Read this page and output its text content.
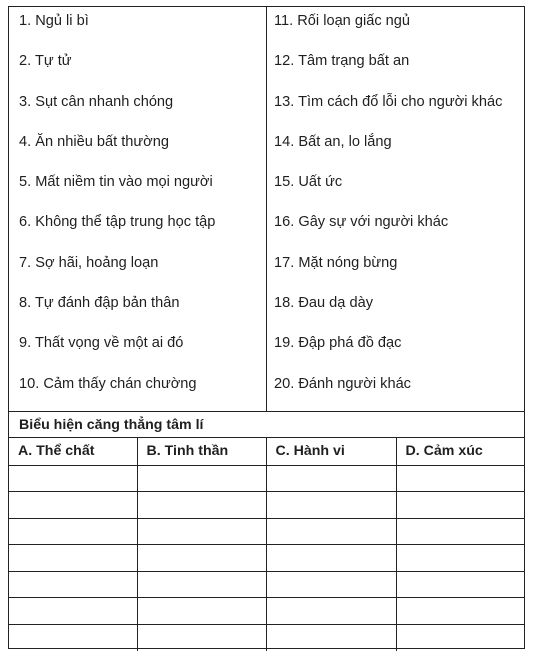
1. Ngủ li bì
2. Tự tử
3. Sụt cân nhanh chóng
4. Ăn nhiều bất thường
5. Mất niềm tin vào mọi người
6. Không thể tập trung học tập
7. Sợ hãi, hoảng loạn
8. Tự đánh đập bản thân
9. Thất vọng về một ai đó
10. Cảm thấy chán chường
11. Rối loạn giấc ngủ
12. Tâm trạng bất an
13. Tìm cách đổ lỗi cho người khác
14. Bất an, lo lắng
15. Uất ức
16. Gây sự với người khác
17. Mặt nóng bừng
18. Đau dạ dày
19. Đập phá đồ đạc
20. Đánh người khác
Biểu hiện căng thẳng tâm lí
A. Thể chất	B. Tinh thần	C. Hành vi	D. Cảm xúc
